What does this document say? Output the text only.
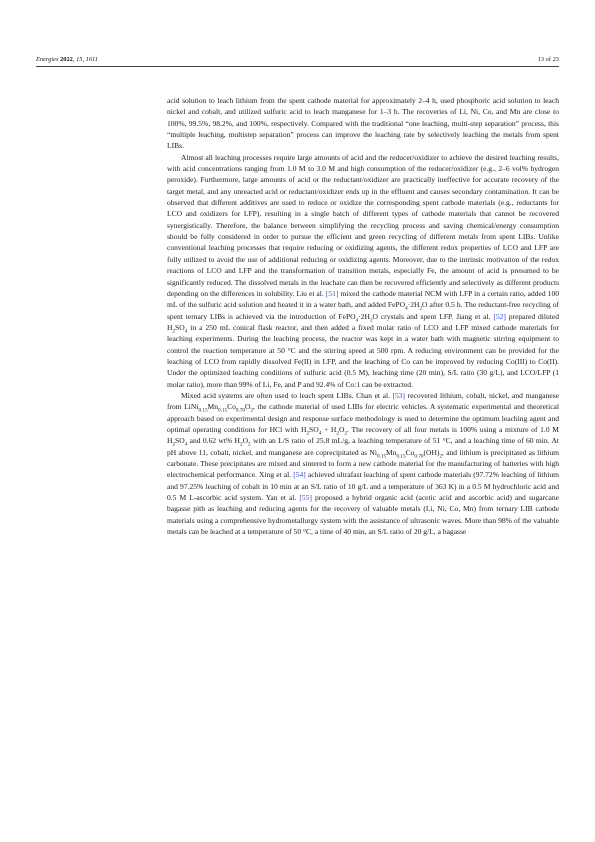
Energies 2022, 15, 1611	13 of 23

acid solution to leach lithium from the spent cathode material for approximately 2–4 h, used phosphoric acid solution to leach nickel and cobalt, and utilized sulfuric acid to leach manganese for 1–3 h. The recoveries of Li, Ni, Co, and Mn are close to 100%, 99.5%, 98.2%, and 100%, respectively. Compared with the traditional “one leaching, multi-step separation” process, this “multiple leaching, multistep separation” process can improve the leaching rate by selectively leaching the metals from spent LIBs.

Almost all leaching processes require large amounts of acid and the reducer/oxidizer to achieve the desired leaching results, with acid concentrations ranging from 1.0 M to 3.0 M and high consumption of the reducer/oxidizer (e.g., 2–6 vol% hydrogen peroxide). Furthermore, large amounts of acid or the reductant/oxidizer are practically ineffective for accurate recovery of the target metal, and any unreacted acid or reductant/oxidizer ends up in the effluent and causes secondary contamination. It can be observed that different additives are used to reduce or oxidize the corresponding spent cathode materials (e.g., reductants for LCO and oxidizers for LFP), resulting in a single batch of different types of cathode materials that cannot be recovered synergistically. Therefore, the balance between simplifying the recycling process and saving chemical/energy consumption should be fully considered in order to pursue the efficient and green recycling of different metals from spent LIBs. Unlike conventional leaching processes that require reducing or oxidizing agents, the different redox properties of LCO and LFP are fully utilized to avoid the use of additional reducing or oxidizing agents. Moreover, due to the intrinsic motivation of the redox reactions of LCO and LFP and the transformation of transition metals, especially Fe, the amount of acid is presumed to be significantly reduced. The dissolved metals in the leachate can then be recovered efficiently and selectively as different products depending on the differences in solubility. Liu et al. [51] mixed the cathode material NCM with LFP in a certain ratio, added 100 mL of the sulfuric acid solution and heated it in a water bath, and added $FePO_4\cdot 2H_2O$ after 0.5 h. The reductant-free recycling of spent ternary LIBs is achieved via the introduction of $FePO_4\cdot 2H_2O$ crystals and spent LFP. Jiang et al. [52] prepared diluted $H_2SO_4$ in a 250 mL conical flask reactor, and then added a fixed molar ratio of LCO and LFP mixed cathode materials for leaching experiments. During the leaching process, the reactor was kept in a water bath with magnetic stirring equipment to control the reaction temperature at 50 °C and the stirring speed at 500 rpm. A reducing environment can be provided for the leaching of LCO from rapidly dissolved Fe(II) in LFP, and the leaching of Co can be improved by reducing Co(III) to Co(II). Under the optimized leaching conditions of sulfuric acid (0.5 M), leaching time (20 min), S/L ratio (30 g/L), and LCO/LFP (1 molar ratio), more than 99% of Li, Fe, and P and 92.4% of Co:1 can be extracted.

Mixed acid systems are often used to leach spent LIBs. Chan et al. [53] recovered lithium, cobalt, nickel, and manganese from $LiNi_{0.15}Mn_{0.15}Co_{0.70}O_2$, the cathode material of used LIBs for electric vehicles. A systematic experimental and theoretical approach based on experimental design and response surface methodology is used to determine the optimum leaching agent and optimal operating conditions for HCl with $H_2SO_4 + H_2O_2$. The recovery of all four metals is 100% using a mixture of 1.0 M $H_2SO_4$ and 0.62 wt% $H_2O_2$ with an L/S ratio of 25.8 mL/g, a leaching temperature of 51 °C, and a leaching time of 60 min. At pH above 11, cobalt, nickel, and manganese are coprecipitated as $Ni_{0.15}Mn_{0.15}Co_{0.70}(OH)_2$, and lithium is precipitated as lithium carbonate. These precipitates are mixed and sintered to form a new cathode material for the manufacturing of batteries with high electrochemical performance. Xing et al. [54] achieved ultrafast leaching of spent cathode materials (97.72% leaching of lithium and 97.25% leaching of cobalt in 10 min at an S/L ratio of 10 g/L and a temperature of 363 K) in a 0.5 M hydrochloric acid and 0.5 M L-ascorbic acid system. Yan et al. [55] proposed a hybrid organic acid (acetic acid and ascorbic acid) and sugarcane bagasse pith as leaching and reducing agents for the recovery of valuable metals (Li, Ni, Co, Mn) from ternary LIB cathode materials using a comprehensive hydrometallurgy system with the assistance of ultrasonic waves. More than 98% of the valuable metals can be leached at a temperature of 50 °C, a time of 40 min, an S/L ratio of 20 g/L, a bagasse
